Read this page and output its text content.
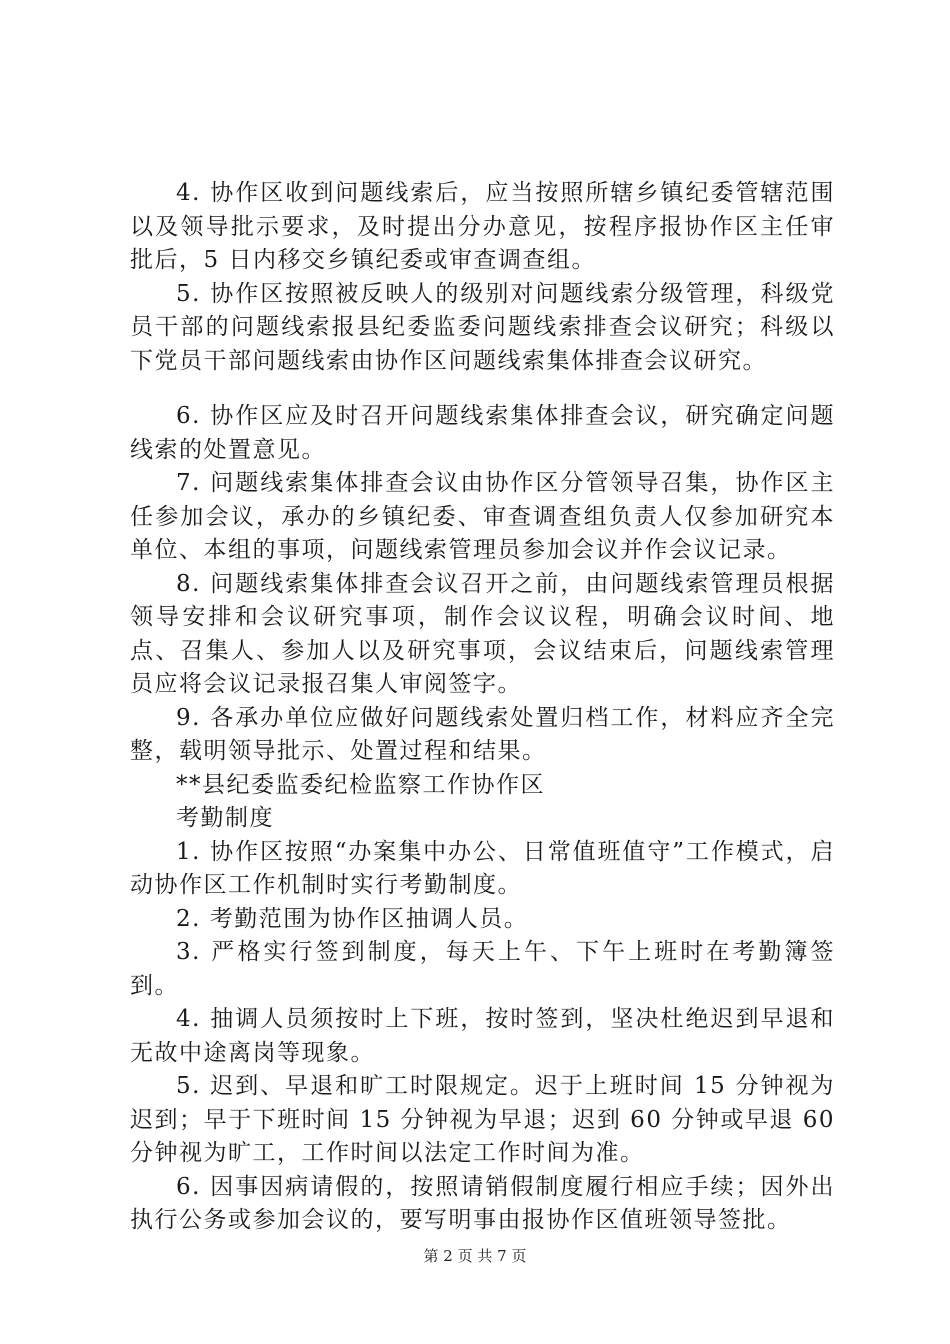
4. 协作区收到问题线索后，应当按照所辖乡镇纪委管辖范围以及领导批示要求，及时提出分办意见，按程序报协作区主任审批后，5 日内移交乡镇纪委或审查调查组。

5. 协作区按照被反映人的级别对问题线索分级管理，科级党员干部的问题线索报县纪委监委问题线索排查会议研究；科级以下党员干部问题线索由协作区问题线索集体排查会议研究。

6. 协作区应及时召开问题线索集体排查会议，研究确定问题线索的处置意见。

7. 问题线索集体排查会议由协作区分管领导召集，协作区主任参加会议，承办的乡镇纪委、审查调查组负责人仅参加研究本单位、本组的事项，问题线索管理员参加会议并作会议记录。

8. 问题线索集体排查会议召开之前，由问题线索管理员根据领导安排和会议研究事项，制作会议议程，明确会议时间、地点、召集人、参加人以及研究事项，会议结束后，问题线索管理员应将会议记录报召集人审阅签字。

9. 各承办单位应做好问题线索处置归档工作，材料应齐全完整，载明领导批示、处置过程和结果。

**县纪委监委纪检监察工作协作区

考勤制度

1. 协作区按照“办案集中办公、日常值班值守”工作模式，启动协作区工作机制时实行考勤制度。

2. 考勤范围为协作区抽调人员。

3. 严格实行签到制度，每天上午、下午上班时在考勤簿签到。

4. 抽调人员须按时上下班，按时签到，坚决杜绝迟到早退和无故中途离岗等现象。

5. 迟到、早退和旷工时限规定。迟于上班时间 15 分钟视为迟到；早于下班时间 15 分钟视为早退；迟到 60 分钟或早退 60 分钟视为旷工，工作时间以法定工作时间为准。

6. 因事因病请假的，按照请销假制度履行相应手续；因外出执行公务或参加会议的，要写明事由报协作区值班领导签批。

第 2 页 共 7 页
